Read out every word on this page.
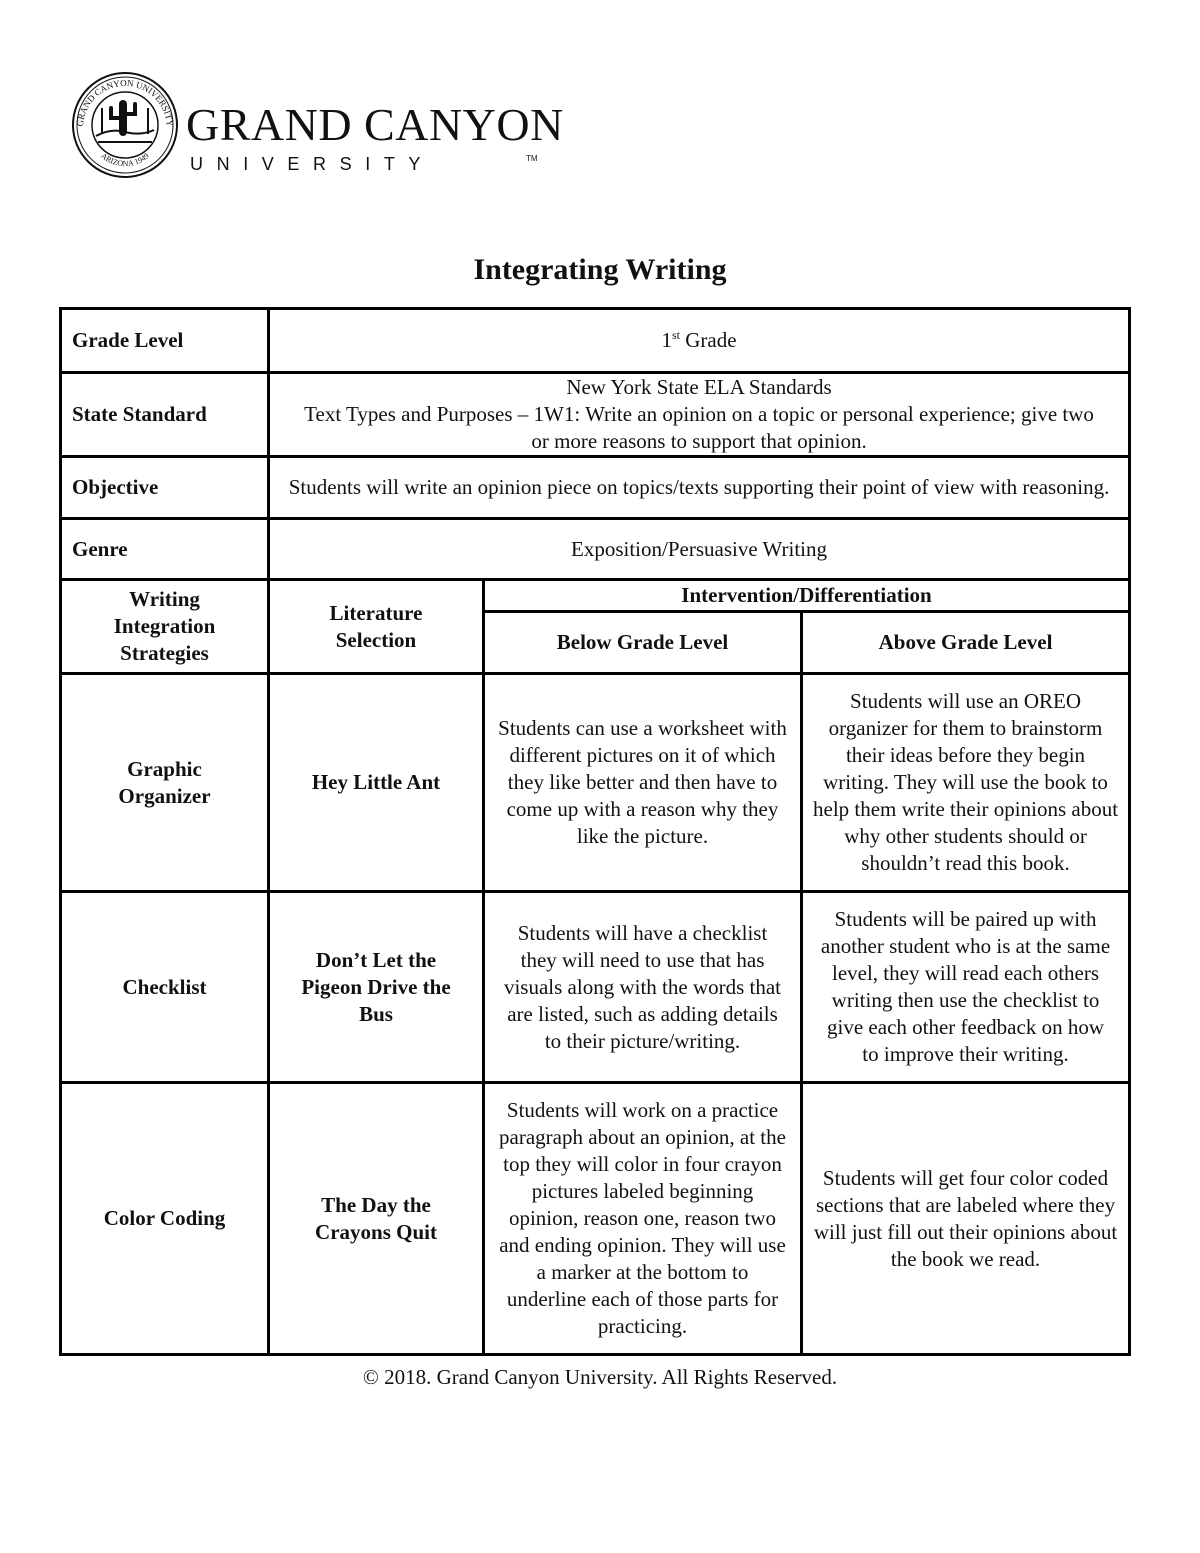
GRAND CANYON UNIVERSITY
ARIZONA 1949
GRAND CANYON
UNIVERSITY	TM
Integrating Writing
Grade Level	1st Grade		
State Standard	New York State ELA Standards
Text Types and Purposes – 1W1: Write an opinion on a topic or personal experience; give two or more reasons to support that opinion.		

Objective	Students will write an opinion piece on topics/texts supporting their point of view with reasoning.		
Genre	Exposition/Persuasive Writing		
Writing Integration Strategies	Literature Selection	Intervention/Differentiation	
		Below Grade Level	Above Grade Level
Graphic Organizer	Hey Little Ant	Students can use a worksheet with different pictures on it of which they like better and then have to come up with a reason why they like the picture.	Students will use an OREO organizer for them to brainstorm their ideas before they begin writing. They will use the book to help them write their opinions about why other students should or shouldn’t read this book.
Checklist	Don’t Let the Pigeon Drive the Bus	Students will have a checklist they will need to use that has visuals along with the words that are listed, such as adding details to their picture/writing.	Students will be paired up with another student who is at the same level, they will read each others writing then use the checklist to give each other feedback on how to improve their writing.
Color Coding	The Day the Crayons Quit	Students will work on a practice paragraph about an opinion, at the top they will color in four crayon pictures labeled beginning opinion, reason one, reason two and ending opinion. They will use a marker at the bottom to underline each of those parts for practicing.	Students will get four color coded sections that are labeled where they will just fill out their opinions about the book we read.
© 2018. Grand Canyon University. All Rights Reserved.
